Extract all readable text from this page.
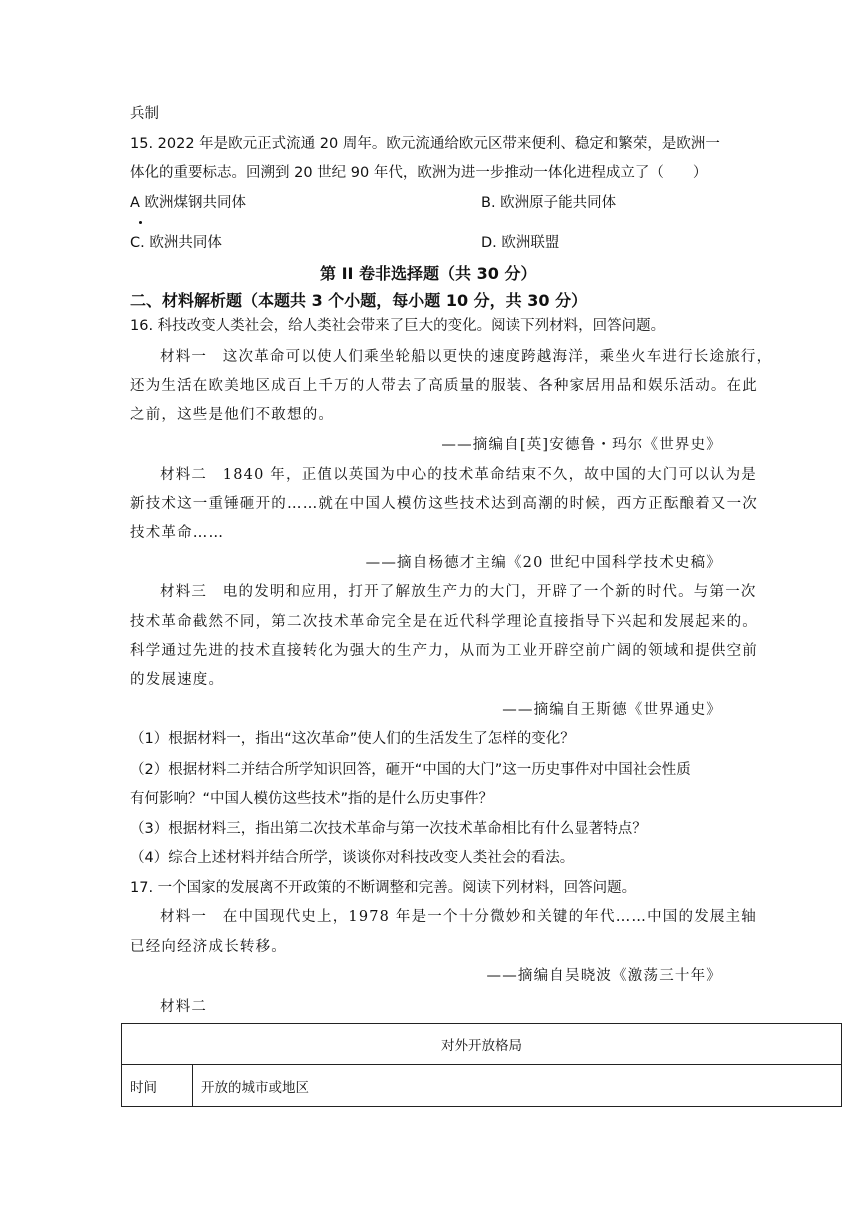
兵制
15. 2022 年是欧元正式流通 20 周年。欧元流通给欧元区带来便利、稳定和繁荣，是欧洲一
体化的重要标志。回溯到 20 世纪 90 年代，欧洲为进一步推动一体化进程成立了（　　）
A 欧洲煤钢共同体	B. 欧洲原子能共同体
C. 欧洲共同体	D. 欧洲联盟
第 II 卷非选择题（共 30 分）
二、材料解析题（本题共 3 个小题，每小题 10 分，共 30 分）
16. 科技改变人类社会，给人类社会带来了巨大的变化。阅读下列材料，回答问题。
材料一　这次革命可以使人们乘坐轮船以更快的速度跨越海洋，乘坐火车进行长途旅行，
还为生活在欧美地区成百上千万的人带去了高质量的服装、各种家居用品和娱乐活动。在此
之前，这些是他们不敢想的。
——摘编自[英]安德鲁・玛尔《世界史》
材料二　1840 年，正值以英国为中心的技术革命结束不久，故中国的大门可以认为是
新技术这一重锤砸开的……就在中国人模仿这些技术达到高潮的时候，西方正酝酿着又一次
技术革命……
——摘自杨德才主编《20 世纪中国科学技术史稿》
材料三　电的发明和应用，打开了解放生产力的大门，开辟了一个新的时代。与第一次
技术革命截然不同，第二次技术革命完全是在近代科学理论直接指导下兴起和发展起来的。
科学通过先进的技术直接转化为强大的生产力，从而为工业开辟空前广阔的领域和提供空前
的发展速度。
——摘编自王斯德《世界通史》
（1）根据材料一，指出“这次革命”使人们的生活发生了怎样的变化？
（2）根据材料二并结合所学知识回答，砸开“中国的大门”这一历史事件对中国社会性质
有何影响？“中国人模仿这些技术”指的是什么历史事件？
（3）根据材料三，指出第二次技术革命与第一次技术革命相比有什么显著特点？
（4）综合上述材料并结合所学，谈谈你对科技改变人类社会的看法。
17. 一个国家的发展离不开政策的不断调整和完善。阅读下列材料，回答问题。
材料一　在中国现代史上，1978 年是一个十分微妙和关键的年代……中国的发展主轴
已经向经济成长转移。
——摘编自吴晓波《激荡三十年》
材料二
对外开放格局
时间	开放的城市或地区
